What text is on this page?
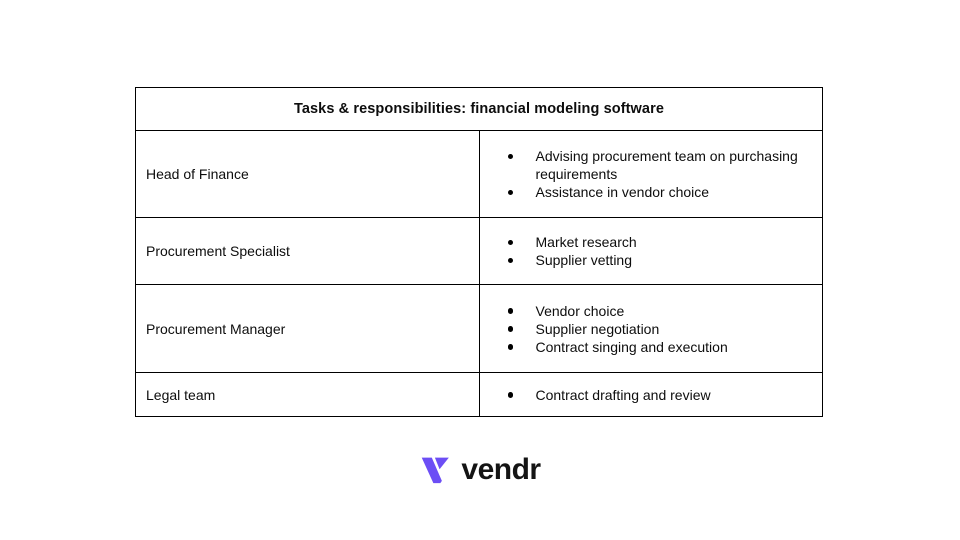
Tasks & responsibilities: financial modeling software	
Head of Finance	
Advising procurement team on purchasing requirements
Assistance in vendor choice

Procurement Specialist	
Market research
Supplier vetting

Procurement Manager	
Vendor choice
Supplier negotiation
Contract singing and execution

Legal team	Contract drafting and review
vendr
